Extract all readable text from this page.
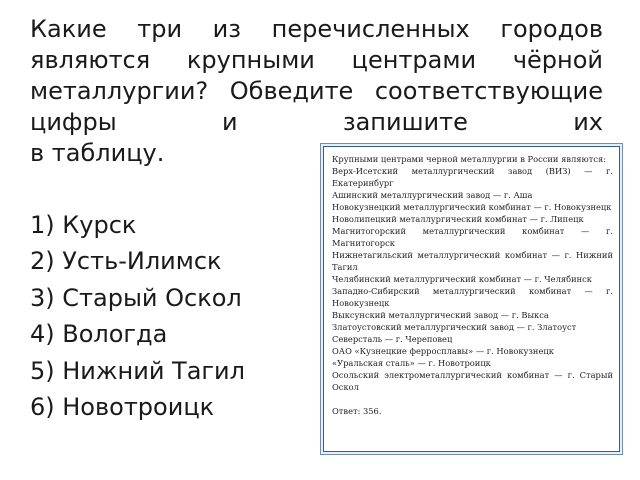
Какие три из перечисленных городов являются крупными центрами чёрной металлургии? Обведите соответствующие цифры и запишите их
в таблицу.
1) Курск
2) Усть-Илимск
3) Старый Оскол
4) Вологда
5) Нижний Тагил
6) Новотроицк

Крупными центрами черной металлургии в России являются:

Верх-Исетский металлургический завод (ВИЗ) — г. Екатеринбург

Ашинский металлургический завод — г. Аша

Новокузнецкий металлургический комбинат — г. Новокузнецк

Новолипецкий металлургический комбинат — г. Липецк

Магнитогорский металлургический комбинат — г. Магнитогорск

Нижнетагильский металлургический комбинат — г. Нижний Тагил

Челябинский металлургический комбинат — г. Челябинск

Западно-Сибирский металлургический комбинат — г. Новокузнецк

Выксунский металлургический завод — г. Выкса

Златоустовский металлургический завод — г. Златоуст

Северсталь — г. Череповец

ОАО «Кузнецкие ферросплавы» — г. Новокузнецк

«Уральская сталь» — г. Новотроицк

Осольский электрометаллургический комбинат — г. Старый Оскол

Ответ: 356.
